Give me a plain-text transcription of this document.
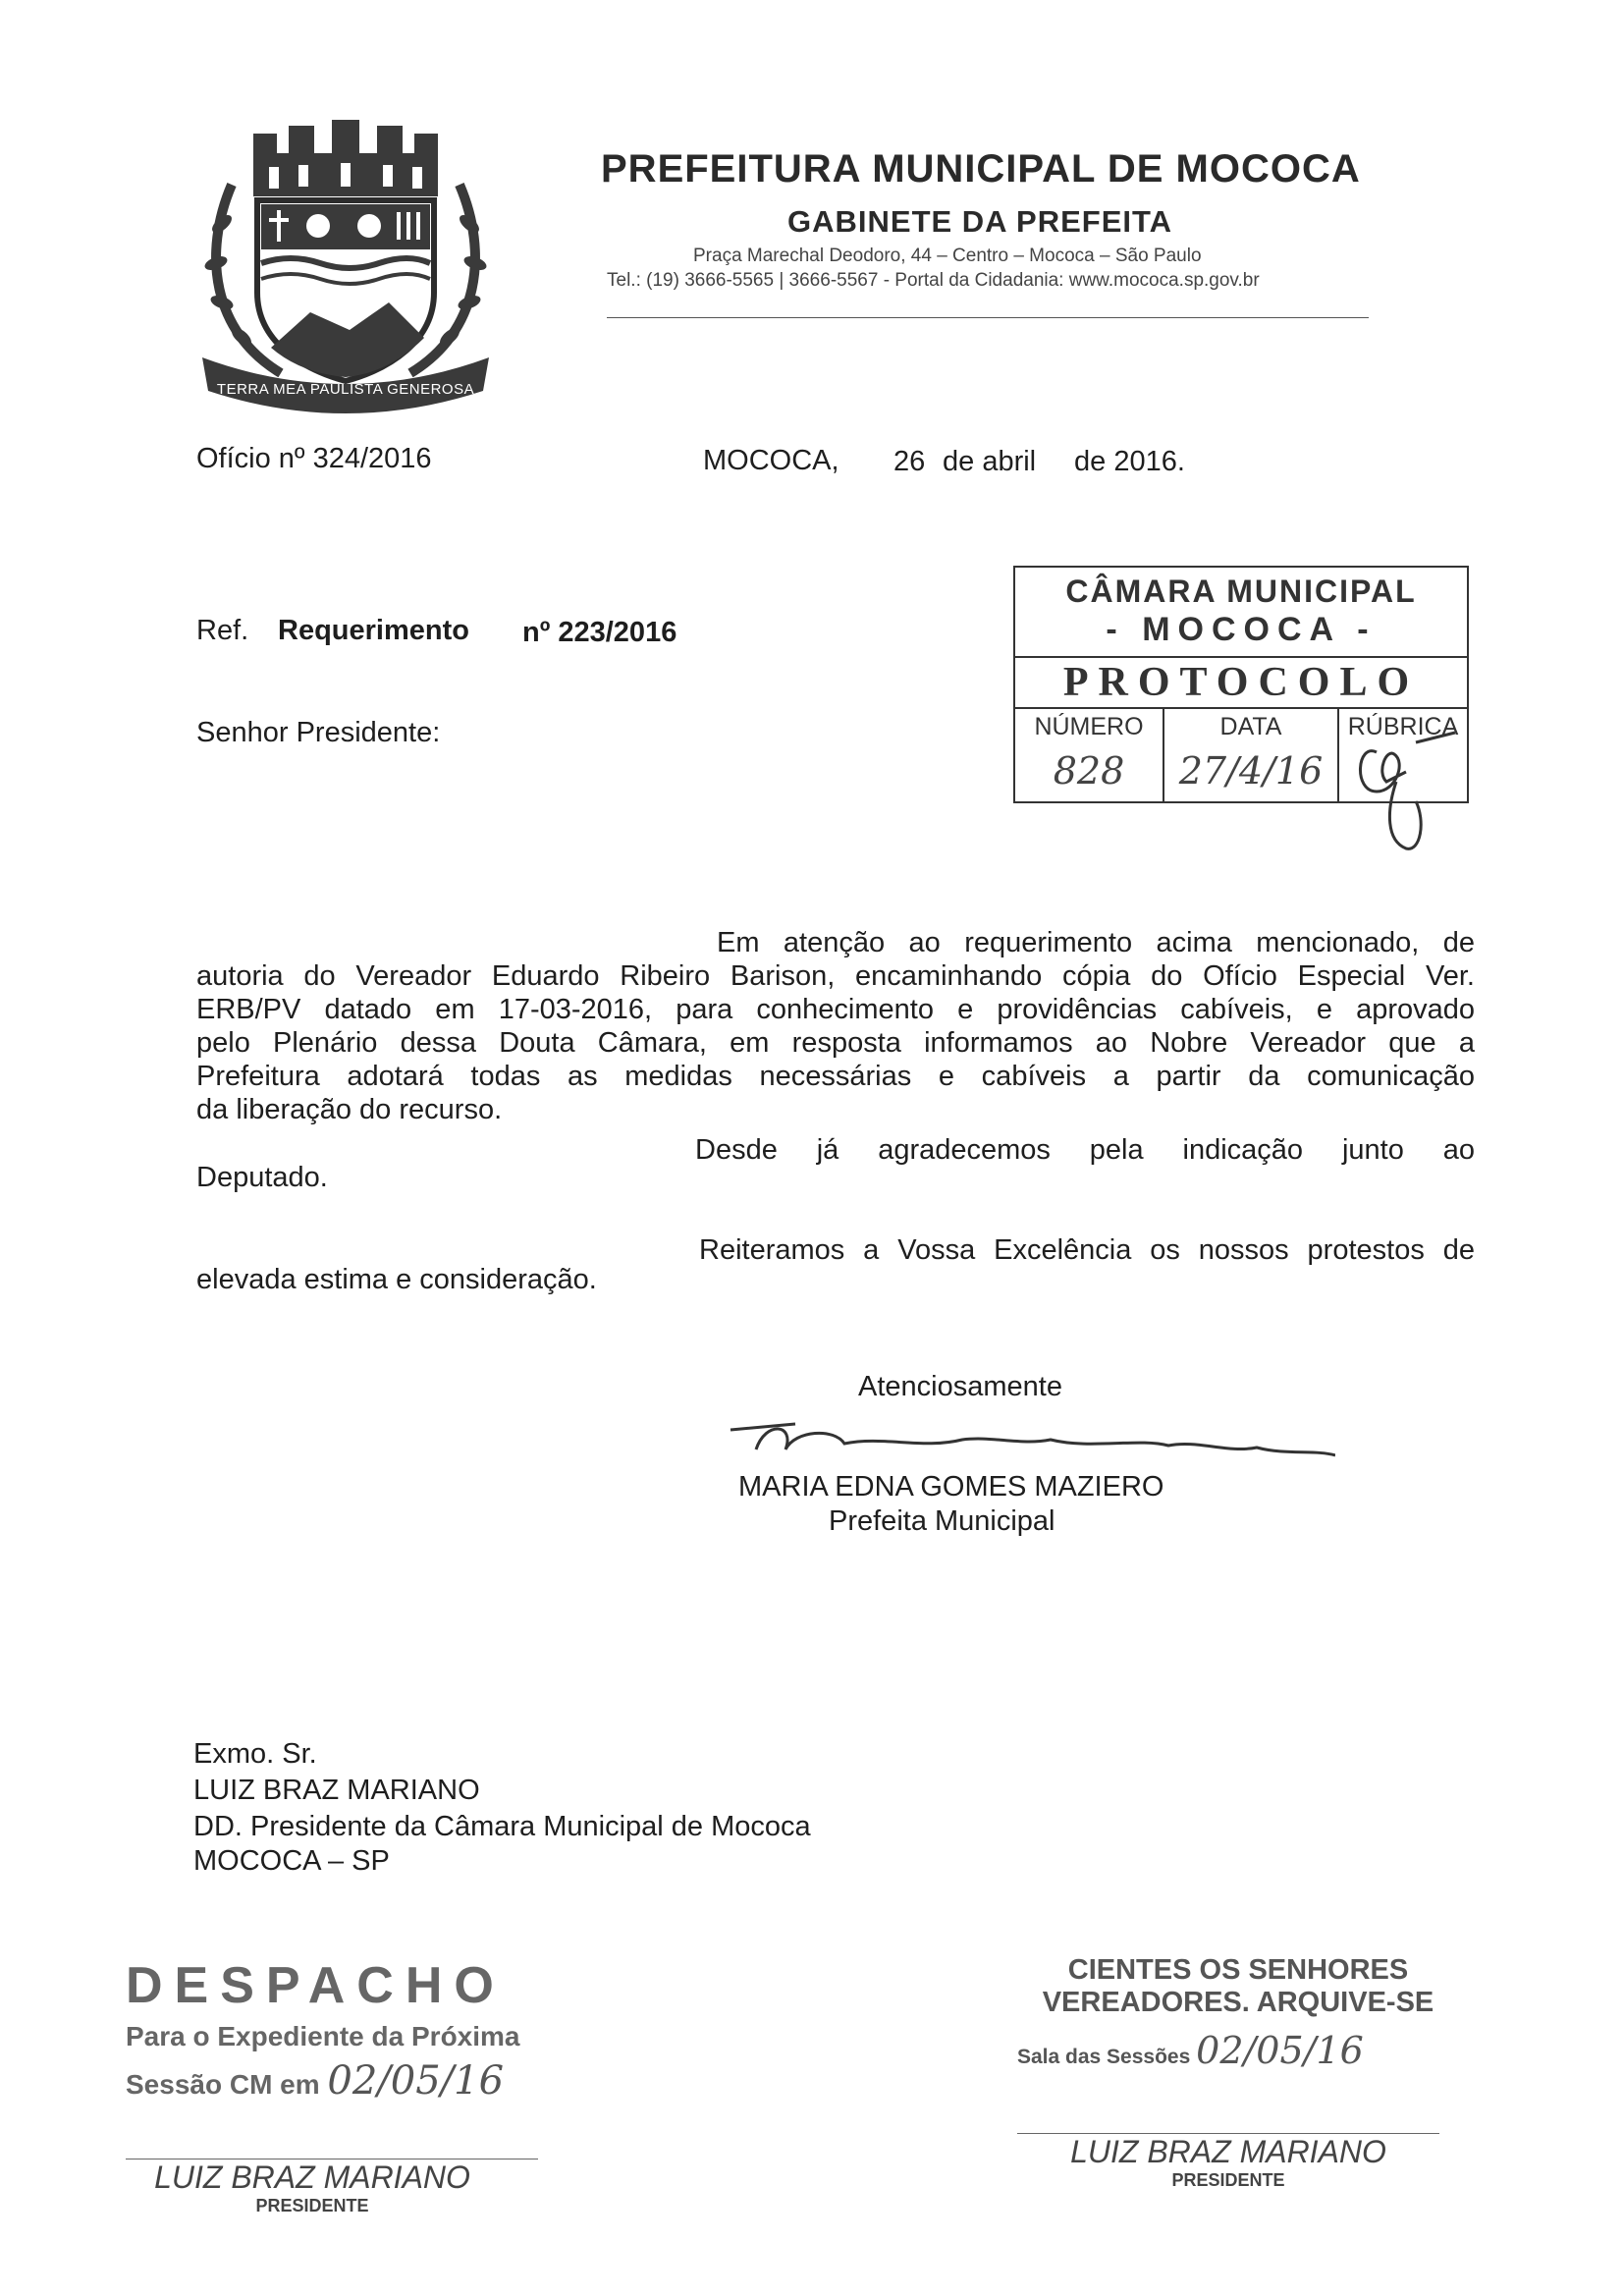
TERRA MEA PAULISTA GENEROSA
PREFEITURA MUNICIPAL DE MOCOCA
GABINETE DA PREFEITA
Praça Marechal Deodoro, 44 – Centro – Mococa – São Paulo
Tel.: (19) 3666-5565 | 3666-5567 - Portal da Cidadania: www.mococa.sp.gov.br
Ofício nº 324/2016	MOCOCA, 26 de abril de 2016.
Ref. Requerimento nº 223/2016
Senhor Presidente:
CÂMARA MUNICIPAL
- MOCOCA -
PROTOCOLO
NÚMERO
828
DATA
27/4/16
RÚBRICA
Em atenção ao requerimento acima mencionado, de
autoria do Vereador Eduardo Ribeiro Barison, encaminhando cópia do Ofício Especial Ver.
ERB/PV datado em 17-03-2016, para conhecimento e providências cabíveis, e aprovado
pelo Plenário dessa Douta Câmara, em resposta informamos ao Nobre Vereador que a
Prefeitura adotará todas as medidas necessárias e cabíveis a partir da comunicação
da liberação do recurso.
Desde já agradecemos pela indicação junto ao
Deputado.
Reiteramos a Vossa Excelência os nossos protestos de
elevada estima e consideração.
Atenciosamente
MARIA EDNA GOMES MAZIERO
Prefeita Municipal
Exmo. Sr.
LUIZ BRAZ MARIANO
DD. Presidente da Câmara Municipal de Mococa
MOCOCA – SP
DESPACHO
Para o Expediente da Próxima
Sessão CM em 02/05/16
LUIZ BRAZ MARIANO
PRESIDENTE
CIENTES OS SENHORES
VEREADORES. ARQUIVE-SE
Sala das Sessões 02/05/16
LUIZ BRAZ MARIANO
PRESIDENTE
